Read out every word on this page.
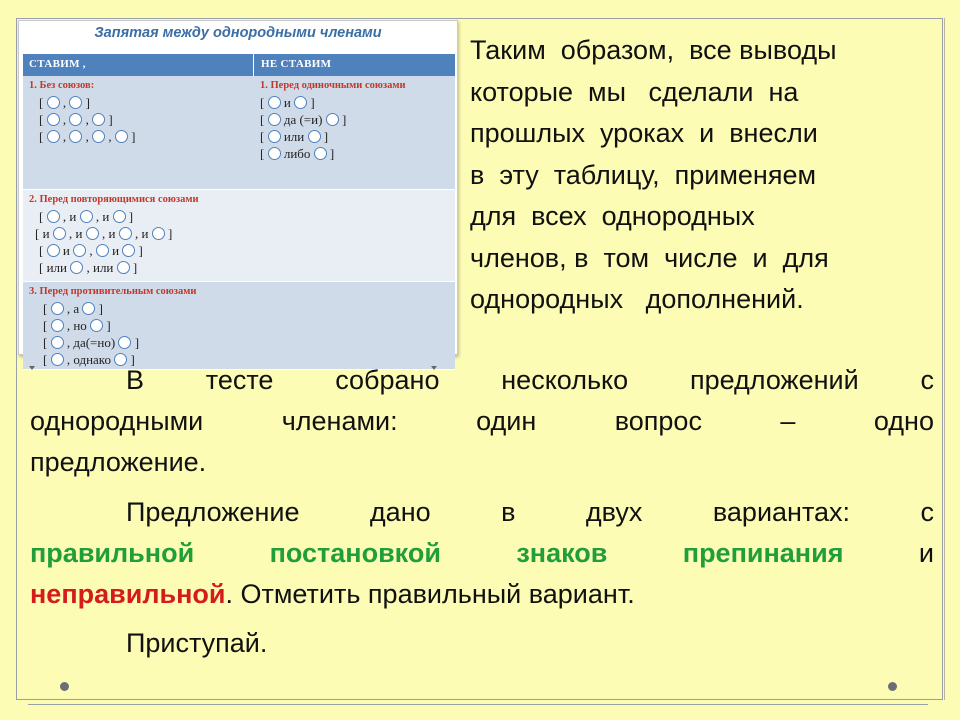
Запятая между однородными членами
СТАВИМ ,	НЕ СТАВИМ
1. Без союзов:
[  ,  ]
[  ,  ,  ]
[  ,  ,  ,  ]
1. Перед одиночными союзами
[  и  ]
[  да (=и)  ]
[  или  ]
[  либо  ]
2. Перед повторяющимися союзами
[  , и  , и  ]
[ и  , и  , и  , и  ]
[  и  ,  и  ]
[ или  , или  ]
3. Перед противительным союзами
[  , а  ]
[  , но  ]
[  , да(=но)  ]
[  , однако  ]
Таким  образом,  все выводы
которые  мы   сделали  на
прошлых  уроках  и  внесли
в  эту  таблицу,  применяем
для  всех  однородных
членов, в  том  числе  и  для
однородных   дополнений.
В тесте собрано несколько предложений с
однородными членами: один вопрос – одно
предложение.
Предложение дано в двух вариантах: с
правильной постановкой знаков препинания	и
неправильной. Отметить правильный вариант.
Приступай.
